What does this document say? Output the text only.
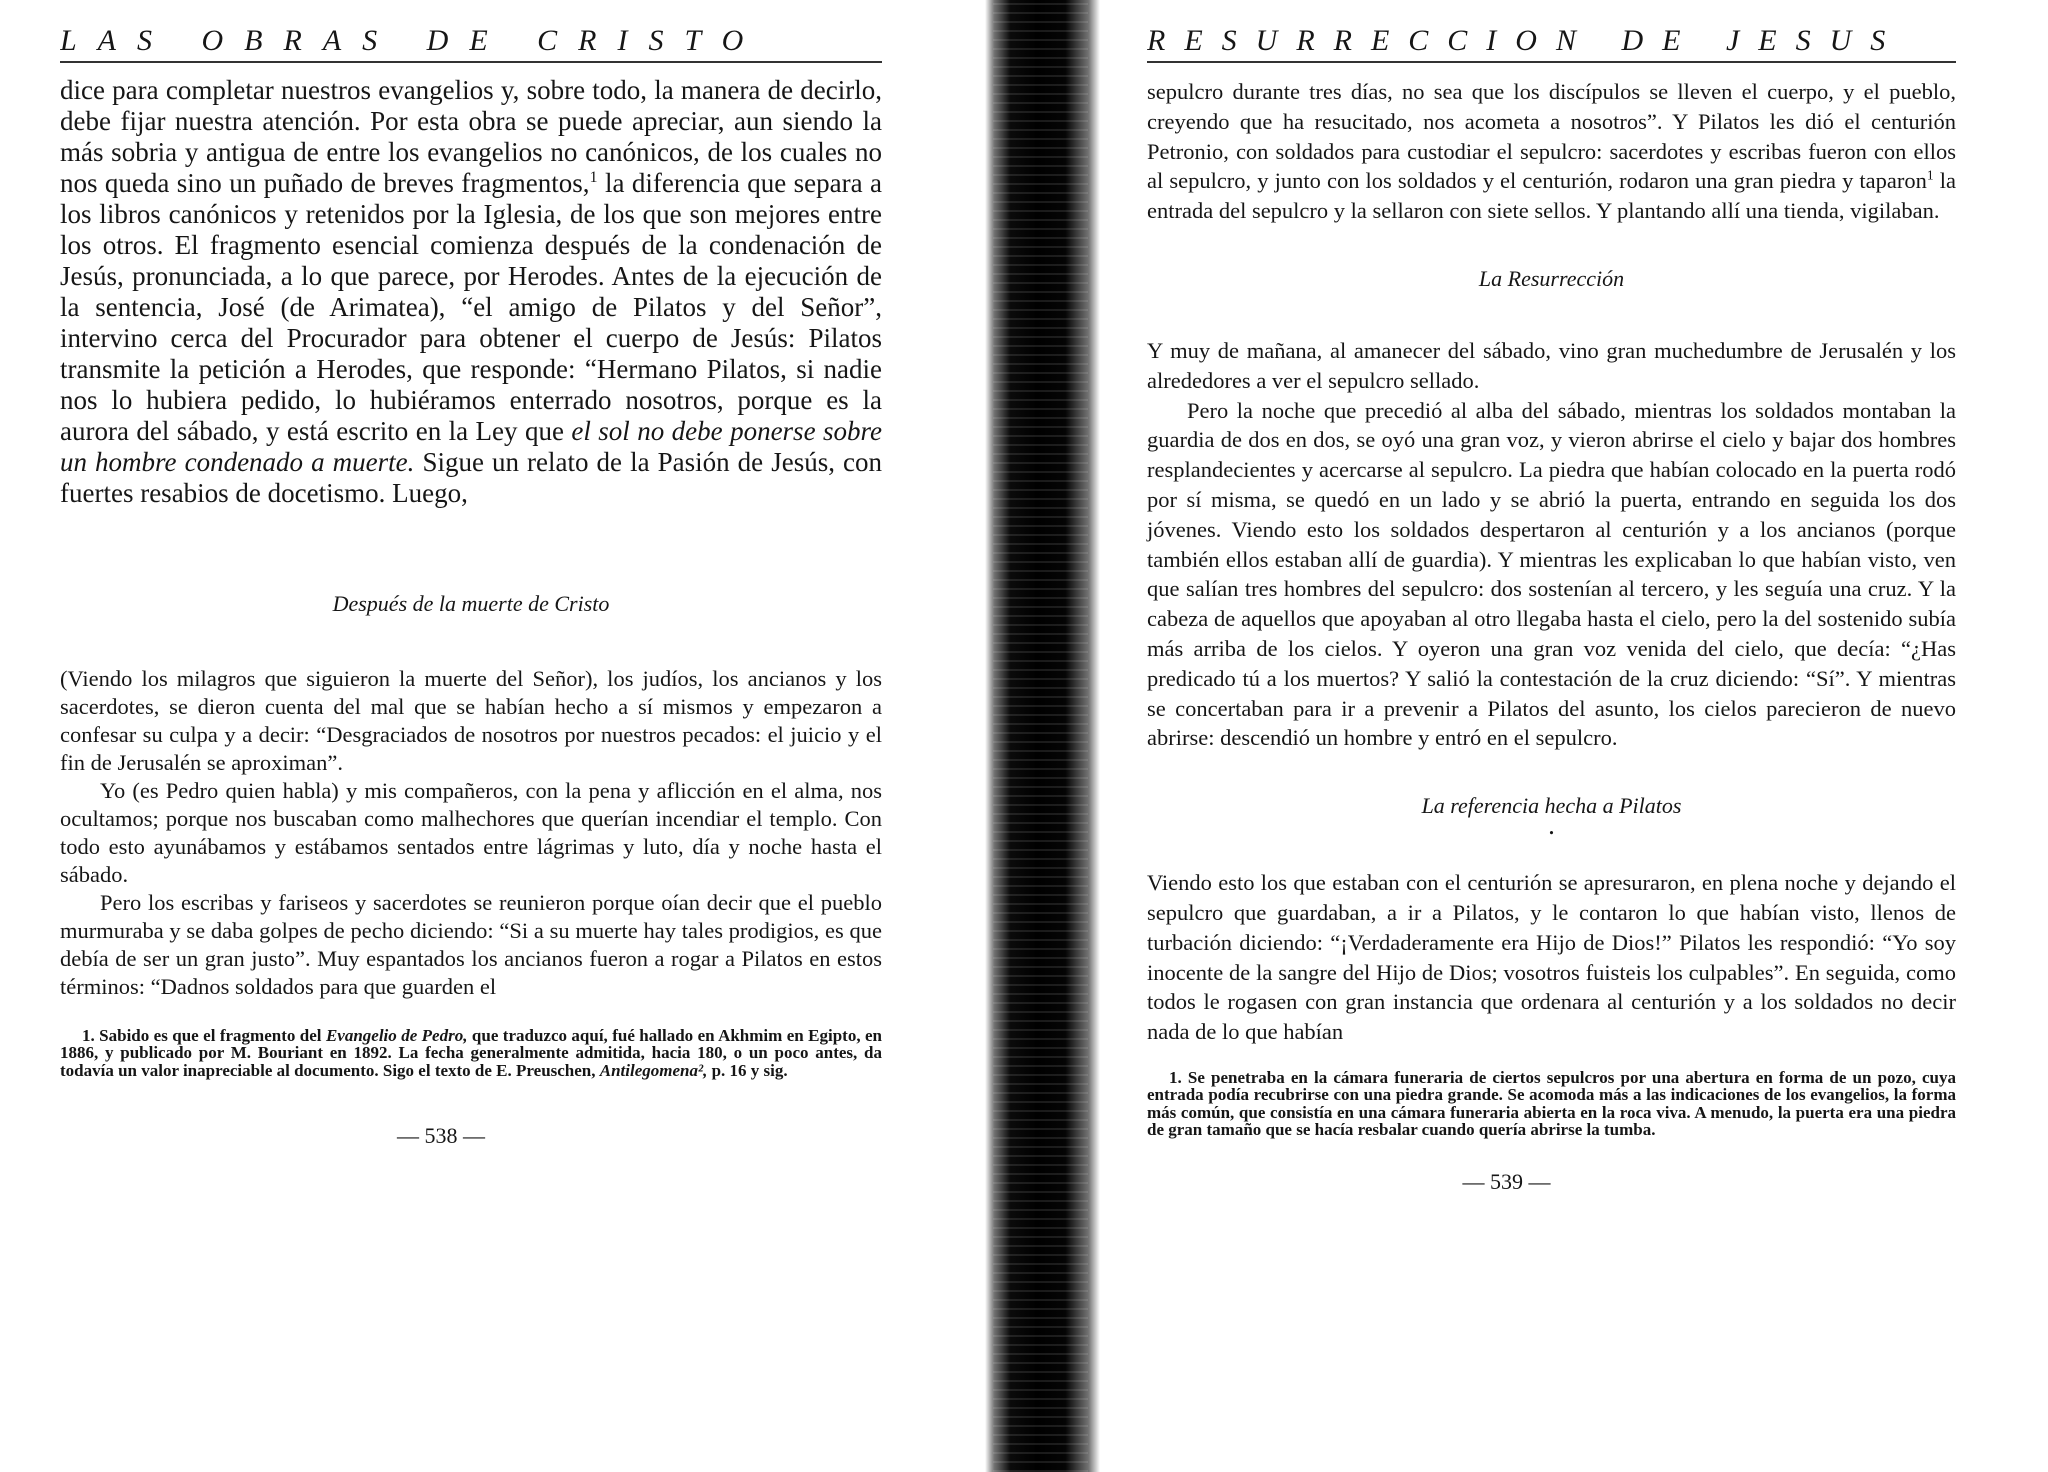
LAS OBRAS DE CRISTO

dice para completar nuestros evangelios y, sobre todo, la manera de decirlo, debe fijar nuestra atención. Por esta obra se puede apreciar, aun siendo la más sobria y antigua de entre los evangelios no canónicos, de los cuales no nos queda sino un puñado de breves fragmentos,$^1$ la diferencia que separa a los libros canónicos y retenidos por la Iglesia, de los que son mejores entre los otros. El fragmento esencial comienza después de la condenación de Jesús, pronunciada, a lo que parece, por Herodes. Antes de la ejecución de la sentencia, José (de Arimatea), “el amigo de Pilatos y del Señor”, intervino cerca del Procurador para obtener el cuerpo de Jesús: Pilatos transmite la petición a Herodes, que responde: “Hermano Pilatos, si nadie nos lo hubiera pedido, lo hubiéramos enterrado nosotros, porque es la aurora del sábado, y está escrito en la Ley que el sol no debe ponerse sobre un hombre condenado a muerte. Sigue un relato de la Pasión de Jesús, con fuertes resabios de docetismo. Luego,

Después de la muerte de Cristo

(Viendo los milagros que siguieron la muerte del Señor), los judíos, los ancianos y los sacerdotes, se dieron cuenta del mal que se habían hecho a sí mismos y empezaron a confesar su culpa y a decir: “Desgraciados de nosotros por nuestros pecados: el juicio y el fin de Jerusalén se aproximan”.

Yo (es Pedro quien habla) y mis compañeros, con la pena y aflicción en el alma, nos ocultamos; porque nos buscaban como malhechores que querían incendiar el templo. Con todo esto ayunábamos y estábamos sentados entre lágrimas y luto, día y noche hasta el sábado.

Pero los escribas y fariseos y sacerdotes se reunieron porque oían decir que el pueblo murmuraba y se daba golpes de pecho diciendo: “Si a su muerte hay tales prodigios, es que debía de ser un gran justo”. Muy espantados los ancianos fueron a rogar a Pilatos en estos términos: “Dadnos soldados para que guarden el

1. Sabido es que el fragmento del Evangelio de Pedro, que traduzco aquí, fué hallado en Akhmim en Egipto, en 1886, y publicado por M. Bouriant en 1892. La fecha generalmente admitida, hacia 180, o un poco antes, da todavía un valor inapreciable al documento. Sigo el texto de E. Preuschen, Antilegomena², p. 16 y sig.

— 538 —
RESURRECCION DE JESUS

sepulcro durante tres días, no sea que los discípulos se lleven el cuerpo, y el pueblo, creyendo que ha resucitado, nos acometa a nosotros”. Y Pilatos les dió el centurión Petronio, con soldados para custodiar el sepulcro: sacerdotes y escribas fueron con ellos al sepulcro, y junto con los soldados y el centurión, rodaron una gran piedra y taparon$^1$ la entrada del sepulcro y la sellaron con siete sellos. Y plantando allí una tienda, vigilaban.

La Resurrección

Y muy de mañana, al amanecer del sábado, vino gran muchedumbre de Jerusalén y los alrededores a ver el sepulcro sellado.

Pero la noche que precedió al alba del sábado, mientras los soldados montaban la guardia de dos en dos, se oyó una gran voz, y vieron abrirse el cielo y bajar dos hombres resplandecientes y acercarse al sepulcro. La piedra que habían colocado en la puerta rodó por sí misma, se quedó en un lado y se abrió la puerta, entrando en seguida los dos jóvenes. Viendo esto los soldados despertaron al centurión y a los ancianos (porque también ellos estaban allí de guardia). Y mientras les explicaban lo que habían visto, ven que salían tres hombres del sepulcro: dos sostenían al tercero, y les seguía una cruz. Y la cabeza de aquellos que apoyaban al otro llegaba hasta el cielo, pero la del sostenido subía más arriba de los cielos. Y oyeron una gran voz venida del cielo, que decía: “¿Has predicado tú a los muertos? Y salió la contestación de la cruz diciendo: “Sí”. Y mientras se concertaban para ir a prevenir a Pilatos del asunto, los cielos parecieron de nuevo abrirse: descendió un hombre y entró en el sepulcro.

La referencia hecha a Pilatos
•

Viendo esto los que estaban con el centurión se apresuraron, en plena noche y dejando el sepulcro que guardaban, a ir a Pilatos, y le contaron lo que habían visto, llenos de turbación diciendo: “¡Verdaderamente era Hijo de Dios!” Pilatos les respondió: “Yo soy inocente de la sangre del Hijo de Dios; vosotros fuisteis los culpables”. En seguida, como todos le rogasen con gran instancia que ordenara al centurión y a los soldados no decir nada de lo que habían

1. Se penetraba en la cámara funeraria de ciertos sepulcros por una abertura en forma de un pozo, cuya entrada podía recubrirse con una piedra grande. Se acomoda más a las indicaciones de los evangelios, la forma más común, que consistía en una cámara funeraria abierta en la roca viva. A menudo, la puerta era una piedra de gran tamaño que se hacía resbalar cuando quería abrirse la tumba.

— 539 —
